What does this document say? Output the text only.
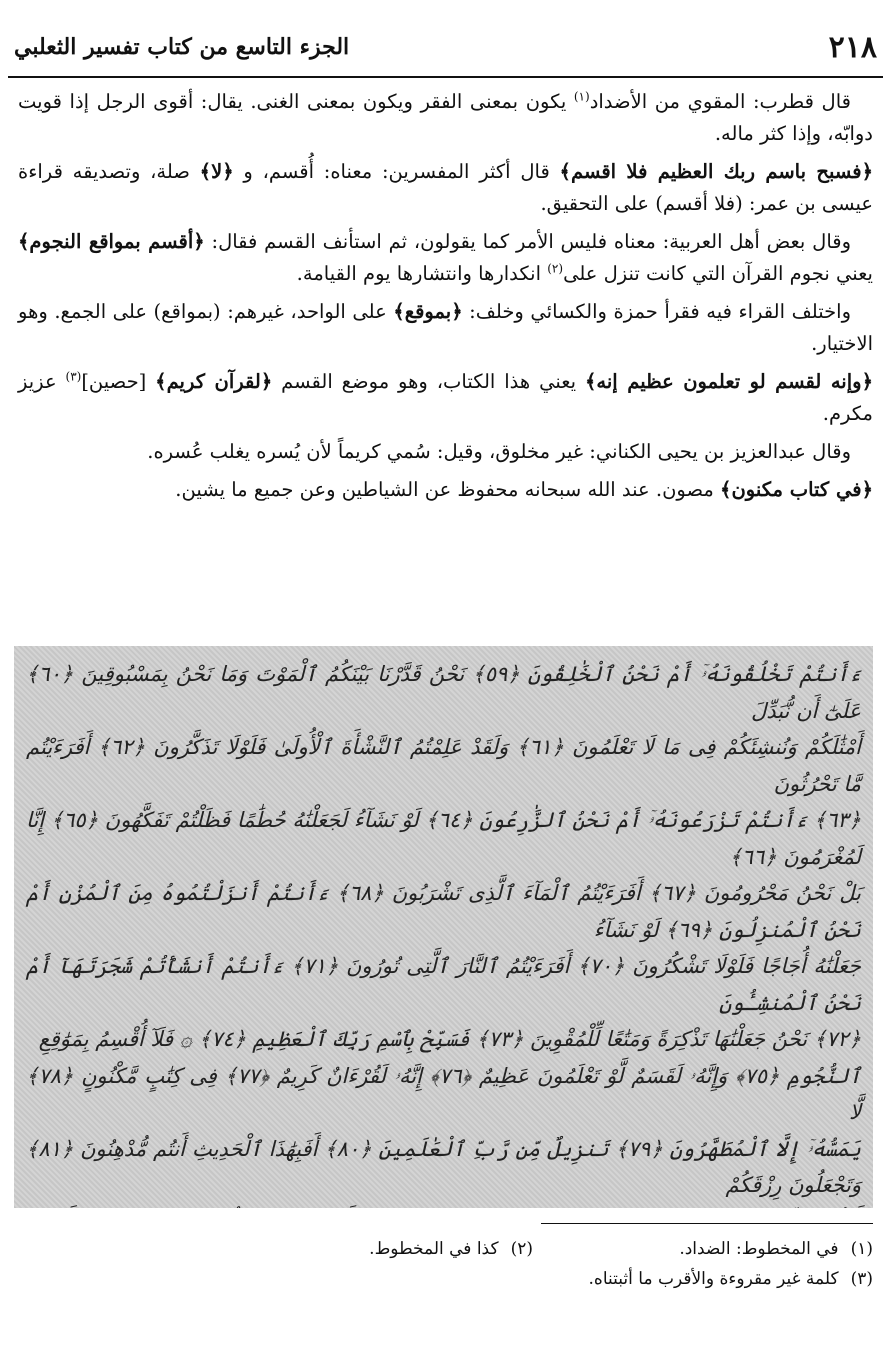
٢١٨
الجزء التاسع من كتاب تفسير الثعلبي

قال قطرب: المقوي من الأضداد$^{(١)}$ يكون بمعنى الفقر ويكون بمعنى الغنى. يقال: أقوى الرجل إذا قويت دوابّه، وإذا كثر ماله.

﴿فسبح باسم ربك العظيم فلا اقسم﴾ قال أكثر المفسرين: معناه: أُقسم، و ﴿لا﴾ صلة، وتصديقه قراءة عيسى بن عمر: (فلا أقسم) على التحقيق.

وقال بعض أهل العربية: معناه فليس الأمر كما يقولون، ثم استأنف القسم فقال: ﴿أقسم بمواقع النجوم﴾ يعني نجوم القرآن التي كانت تنزل على$^{(٢)}$ انكدارها وانتشارها يوم القيامة.

واختلف القراء فيه فقرأ حمزة والكسائي وخلف: ﴿بموقع﴾ على الواحد، غيرهم: (بمواقع) على الجمع. وهو الاختيار.

﴿وإنه لقسم لو تعلمون عظيم إنه﴾ يعني هذا الكتاب، وهو موضع القسم ﴿لقرآن كريم﴾ [حصين]$^{(٣)}$ عزيز مكرم.

وقال عبدالعزيز بن يحيى الكناني: غير مخلوق، وقيل: سُمي كريماً لأن يُسره يغلب عُسره.

﴿في كتاب مكنون﴾ مصون. عند الله سبحانه محفوظ عن الشياطين وعن جميع ما يشين.

ءَأَنتُمْ تَخْلُقُونَهُۥٓ أَمْ نَحْنُ ٱلْخَٰلِقُونَ ﴿٥٩﴾ نَحْنُ قَدَّرْنَا بَيْنَكُمُ ٱلْمَوْتَ وَمَا نَحْنُ بِمَسْبُوقِينَ ﴿٦٠﴾ عَلَىٰٓ أَن نُّبَدِّلَ
أَمْثَٰلَكُمْ وَنُنشِئَكُمْ فِى مَا لَا تَعْلَمُونَ ﴿٦١﴾ وَلَقَدْ عَلِمْتُمُ ٱلنَّشْأَةَ ٱلْأُولَىٰ فَلَوْلَا تَذَكَّرُونَ ﴿٦٢﴾ أَفَرَءَيْتُم مَّا تَحْرُثُونَ
﴿٦٣﴾ ءَأَنتُمْ تَزْرَعُونَهُۥٓ أَمْ نَحْنُ ٱلزَّٰرِعُونَ ﴿٦٤﴾ لَوْ نَشَآءُ لَجَعَلْنَٰهُ حُطَٰمًا فَظَلْتُمْ تَفَكَّهُونَ ﴿٦٥﴾ إِنَّا لَمُغْرَمُونَ ﴿٦٦﴾
بَلْ نَحْنُ مَحْرُومُونَ ﴿٦٧﴾ أَفَرَءَيْتُمُ ٱلْمَآءَ ٱلَّذِى تَشْرَبُونَ ﴿٦٨﴾ ءَأَنتُمْ أَنزَلْتُمُوهُ مِنَ ٱلْمُزْنِ أَمْ نَحْنُ ٱلْمُنزِلُونَ ﴿٦٩﴾ لَوْ نَشَآءُ
جَعَلْنَٰهُ أُجَاجًا فَلَوْلَا تَشْكُرُونَ ﴿٧٠﴾ أَفَرَءَيْتُمُ ٱلنَّارَ ٱلَّتِى تُورُونَ ﴿٧١﴾ ءَأَنتُمْ أَنشَأْتُمْ شَجَرَتَهَآ أَمْ نَحْنُ ٱلْمُنشِـُٔونَ
﴿٧٢﴾ نَحْنُ جَعَلْنَٰهَا تَذْكِرَةً وَمَتَٰعًا لِّلْمُقْوِينَ ﴿٧٣﴾ فَسَبِّحْ بِٱسْمِ رَبِّكَ ٱلْعَظِيمِ ﴿٧٤﴾ ۞ فَلَآ أُقْسِمُ بِمَوَٰقِعِ
ٱلنُّجُومِ ﴿٧٥﴾ وَإِنَّهُۥ لَقَسَمٌ لَّوْ تَعْلَمُونَ عَظِيمٌ ﴿٧٦﴾ إِنَّهُۥ لَقُرْءَانٌ كَرِيمٌ ﴿٧٧﴾ فِى كِتَٰبٍ مَّكْنُونٍ ﴿٧٨﴾ لَّا
يَمَسُّهُۥٓ إِلَّا ٱلْمُطَهَّرُونَ ﴿٧٩﴾ تَنزِيلٌ مِّن رَّبِّ ٱلْعَٰلَمِينَ ﴿٨٠﴾ أَفَبِهَٰذَا ٱلْحَدِيثِ أَنتُم مُّدْهِنُونَ ﴿٨١﴾ وَتَجْعَلُونَ رِزْقَكُمْ
(١)في المخطوط: الضداد.
(٢)كذا في المخطوط.
(٣)كلمة غير مقروءة والأقرب ما أثبتناه.
